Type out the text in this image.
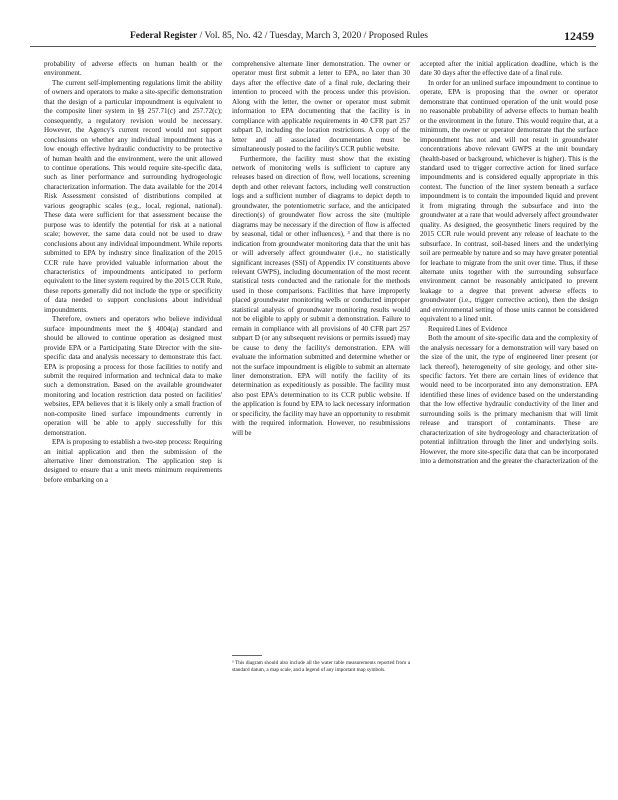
Federal Register / Vol. 85, No. 42 / Tuesday, March 3, 2020 / Proposed Rules	12459

probability of adverse effects on human health or the environment.

The current self-implementing regulations limit the ability of owners and operators to make a site-specific demonstration that the design of a particular impoundment is equivalent to the composite liner system in §§ 257.71(c) and 257.72(c); consequently, a regulatory revision would be necessary. However, the Agency's current record would not support conclusions on whether any individual impoundment has a low enough effective hydraulic conductivity to be protective of human health and the environment, were the unit allowed to continue operations. This would require site-specific data, such as liner performance and surrounding hydrogeologic characterization information. The data available for the 2014 Risk Assessment consisted of distributions compiled at various geographic scales (e.g., local, regional, national). These data were sufficient for that assessment because the purpose was to identify the potential for risk at a national scale; however, the same data could not be used to draw conclusions about any individual impoundment. While reports submitted to EPA by industry since finalization of the 2015 CCR rule have provided valuable information about the characteristics of impoundments anticipated to perform equivalent to the liner system required by the 2015 CCR Rule, these reports generally did not include the type or specificity of data needed to support conclusions about individual impoundments.

Therefore, owners and operators who believe individual surface impoundments meet the § 4004(a) standard and should be allowed to continue operation as designed must provide EPA or a Participating State Director with the site-specific data and analysis necessary to demonstrate this fact. EPA is proposing a process for those facilities to notify and submit the required information and technical data to make such a demonstration. Based on the available groundwater monitoring and location restriction data posted on facilities' websites, EPA believes that it is likely only a small fraction of non-composite lined surface impoundments currently in operation will be able to apply successfully for this demonstration.

EPA is proposing to establish a two-step process: Requiring an initial application and then the submission of the alternative liner demonstration. The application step is designed to ensure that a unit meets minimum requirements before embarking on a

comprehensive alternate liner demonstration. The owner or operator must first submit a letter to EPA, no later than 30 days after the effective date of a final rule, declaring their intention to proceed with the process under this provision. Along with the letter, the owner or operator must submit information to EPA documenting that the facility is in compliance with applicable requirements in 40 CFR part 257 subpart D, including the location restrictions. A copy of the letter and all associated documentation must be simultaneously posted to the facility's CCR public website.

Furthermore, the facility must show that the existing network of monitoring wells is sufficient to capture any releases based on direction of flow, well locations, screening depth and other relevant factors, including well construction logs and a sufficient number of diagrams to depict depth to groundwater, the potentiometric surface, and the anticipated direction(s) of groundwater flow across the site (multiple diagrams may be necessary if the direction of flow is affected by seasonal, tidal or other influences), ³ and that there is no indication from groundwater monitoring data that the unit has or will adversely affect groundwater (i.e., no statistically significant increases (SSI) of Appendix IV constituents above relevant GWPS), including documentation of the most recent statistical tests conducted and the rationale for the methods used in those comparisons. Facilities that have improperly placed groundwater monitoring wells or conducted improper statistical analysis of groundwater monitoring results would not be eligible to apply or submit a demonstration. Failure to remain in compliance with all provisions of 40 CFR part 257 subpart D (or any subsequent revisions or permits issued) may be cause to deny the facility's demonstration. EPA will evaluate the information submitted and determine whether or not the surface impoundment is eligible to submit an alternate liner demonstration. EPA will notify the facility of its determination as expeditiously as possible. The facility must also post EPA's determination to its CCR public website. If the application is found by EPA to lack necessary information or specificity, the facility may have an opportunity to resubmit with the required information. However, no resubmissions will be

accepted after the initial application deadline, which is the date 30 days after the effective date of a final rule.

In order for an unlined surface impoundment to continue to operate, EPA is proposing that the owner or operator demonstrate that continued operation of the unit would pose no reasonable probability of adverse effects to human health or the environment in the future. This would require that, at a minimum, the owner or operator demonstrate that the surface impoundment has not and will not result in groundwater concentrations above relevant GWPS at the unit boundary (health-based or background, whichever is higher). This is the standard used to trigger corrective action for lined surface impoundments and is considered equally appropriate in this context. The function of the liner system beneath a surface impoundment is to contain the impounded liquid and prevent it from migrating through the subsurface and into the groundwater at a rate that would adversely affect groundwater quality. As designed, the geosynthetic liners required by the 2015 CCR rule would prevent any release of leachate to the subsurface. In contrast, soil-based liners and the underlying soil are permeable by nature and so may have greater potential for leachate to migrate from the unit over time. Thus, if these alternate units together with the surrounding subsurface environment cannot be reasonably anticipated to prevent leakage to a degree that prevent adverse effects to groundwater (i.e., trigger corrective action), then the design and environmental setting of those units cannot be considered equivalent to a lined unit.

Required Lines of Evidence

Both the amount of site-specific data and the complexity of the analysis necessary for a demonstration will vary based on the size of the unit, the type of engineered liner present (or lack thereof), heterogeneity of site geology, and other site-specific factors. Yet there are certain lines of evidence that would need to be incorporated into any demonstration. EPA identified these lines of evidence based on the understanding that the low effective hydraulic conductivity of the liner and surrounding soils is the primary mechanism that will limit release and transport of contaminants. These are characterization of site hydrogeology and characterization of potential infiltration through the liner and underlying soils. However, the more site-specific data that can be incorporated into a demonstration and the greater the characterization of the

³ This diagram should also include all the water table measurements reported from a standard datum, a map scale, and a legend of any important map symbols.
